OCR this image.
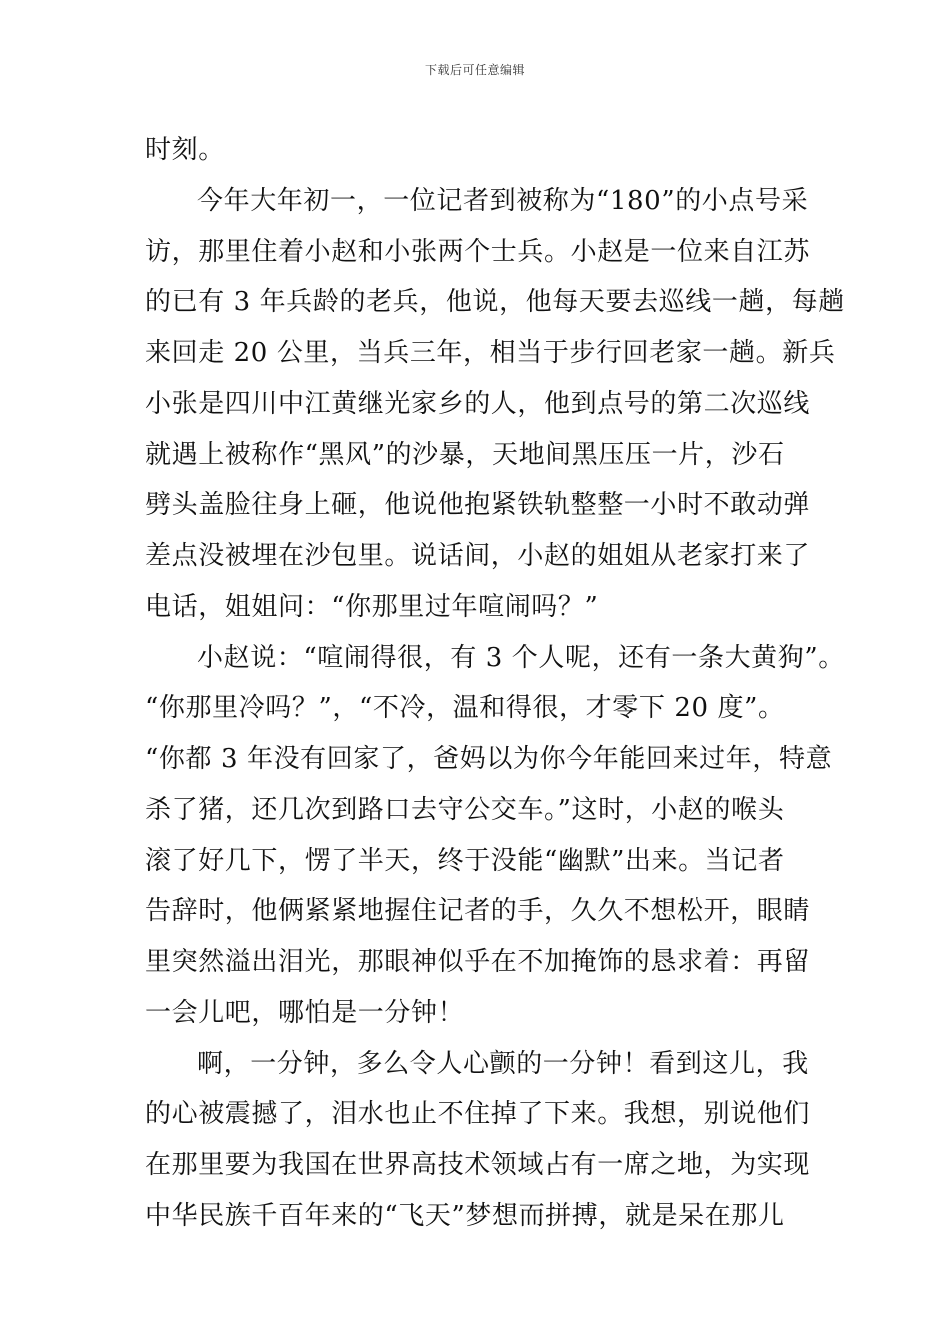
下载后可任意编辑
时刻。
今年大年初一，一位记者到被称为“180”的小点号采
访，那里住着小赵和小张两个士兵。小赵是一位来自江苏
的已有 3 年兵龄的老兵，他说，他每天要去巡线一趟，每趟
来回走 20 公里，当兵三年，相当于步行回老家一趟。新兵
小张是四川中江黄继光家乡的人，他到点号的第二次巡线
就遇上被称作“黑风”的沙暴，天地间黑压压一片，沙石
劈头盖脸往身上砸，他说他抱紧铁轨整整一小时不敢动弹
差点没被埋在沙包里。说话间，小赵的姐姐从老家打来了
电话，姐姐问：“你那里过年喧闹吗？”
小赵说：“喧闹得很，有 3 个人呢，还有一条大黄狗”。
“你那里冷吗？”，“不冷，温和得很，才零下 20 度”。
“你都 3 年没有回家了，爸妈以为你今年能回来过年，特意
杀了猪，还几次到路口去守公交车。”这时，小赵的喉头
滚了好几下，愣了半天，终于没能“幽默”出来。当记者
告辞时，他俩紧紧地握住记者的手，久久不想松开，眼睛
里突然溢出泪光，那眼神似乎在不加掩饰的恳求着：再留
一会儿吧，哪怕是一分钟！
啊，一分钟，多么令人心颤的一分钟！看到这儿，我
的心被震撼了，泪水也止不住掉了下来。我想，别说他们
在那里要为我国在世界高技术领域占有一席之地，为实现
中华民族千百年来的“飞天”梦想而拼搏，就是呆在那儿
